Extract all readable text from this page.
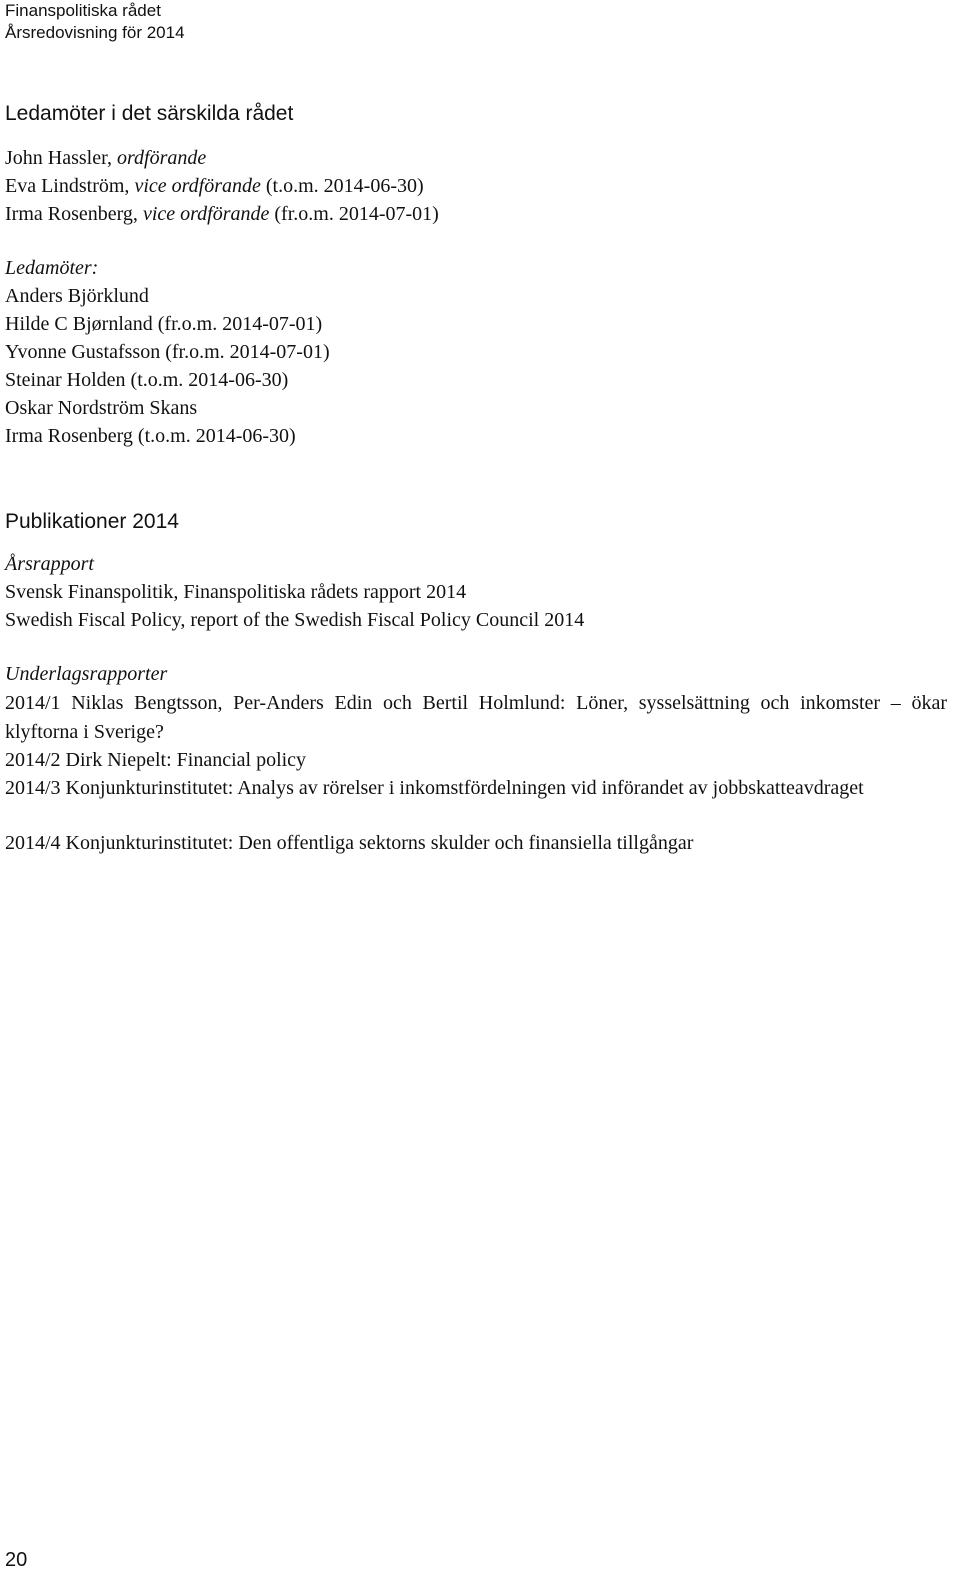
Finanspolitiska rådet
Årsredovisning för 2014
Ledamöter i det särskilda rådet
John Hassler, ordförande
Eva Lindström, vice ordförande (t.o.m. 2014-06-30)
Irma Rosenberg, vice ordförande (fr.o.m. 2014-07-01)
Ledamöter:
Anders Björklund
Hilde C Bjørnland (fr.o.m. 2014-07-01)
Yvonne Gustafsson (fr.o.m. 2014-07-01)
Steinar Holden (t.o.m. 2014-06-30)
Oskar Nordström Skans
Irma Rosenberg (t.o.m. 2014-06-30)
Publikationer 2014
Årsrapport
Svensk Finanspolitik, Finanspolitiska rådets rapport 2014
Swedish Fiscal Policy, report of the Swedish Fiscal Policy Council 2014
Underlagsrapporter
2014/1 Niklas Bengtsson, Per-Anders Edin och Bertil Holmlund: Löner, sysselsättning och inkomster – ökar klyftorna i Sverige?
2014/2 Dirk Niepelt: Financial policy
2014/3 Konjunkturinstitutet: Analys av rörelser i inkomstfördelningen vid införandet av jobbskatteavdraget
2014/4 Konjunkturinstitutet: Den offentliga sektorns skulder och finansiella tillgångar
20
